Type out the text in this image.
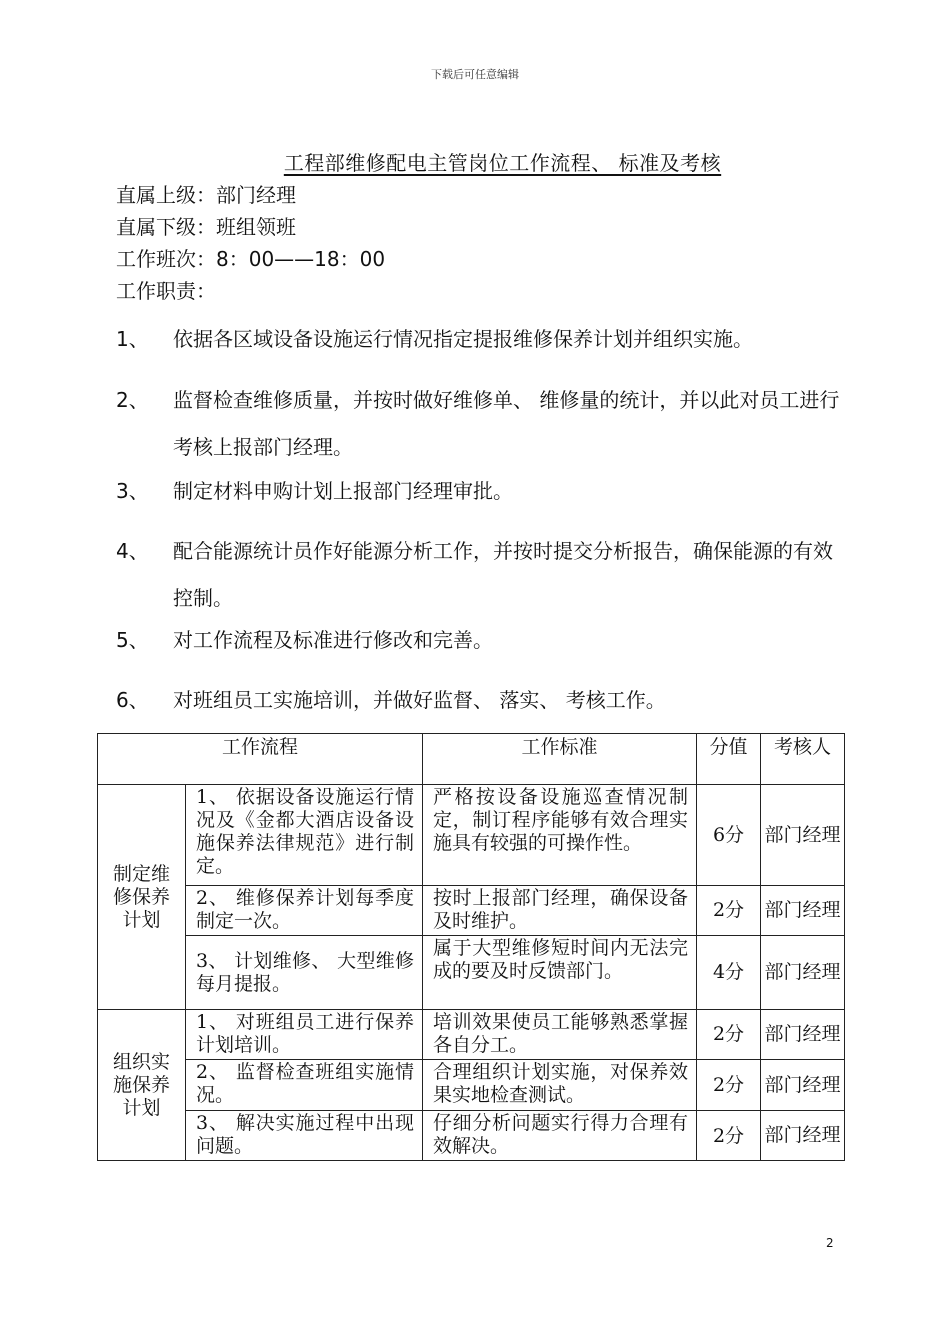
下载后可任意编辑
工程部维修配电主管岗位工作流程、 标准及考核
直属上级：部门经理
直属下级：班组领班
工作班次：8：00——18：00
工作职责：
1、 依据各区域设备设施运行情况指定提报维修保养计划并组织实施。
2、 监督检查维修质量，并按时做好维修单、 维修量的统计，并以此对员工进行考核上报部门经理。
3、 制定材料申购计划上报部门经理审批。
4、 配合能源统计员作好能源分析工作，并按时提交分析报告，确保能源的有效控制。
5、 对工作流程及标准进行修改和完善。
6、 对班组员工实施培训，并做好监督、 落实、 考核工作。
工作流程		工作标准	分值	考核人
制定维修保养计划	1、 依据设备设施运行情况及《金都大酒店设备设施保养法律规范》进行制定。	严格按设备设施巡查情况制定，制订程序能够有效合理实施具有较强的可操作性。	6分	部门经理
	2、 维修保养计划每季度制定一次。	按时上报部门经理，确保设备及时维护。	2分	部门经理
	3、 计划维修、 大型维修每月提报。	属于大型维修短时间内无法完成的要及时反馈部门。	4分	部门经理
组织实施保养计划	1、 对班组员工进行保养计划培训。	培训效果使员工能够熟悉掌握各自分工。	2分	部门经理
	2、 监督检查班组实施情况。	合理组织计划实施，对保养效果实地检查测试。	2分	部门经理
	3、 解决实施过程中出现问题。	仔细分析问题实行得力合理有效解决。	2分	部门经理
2
